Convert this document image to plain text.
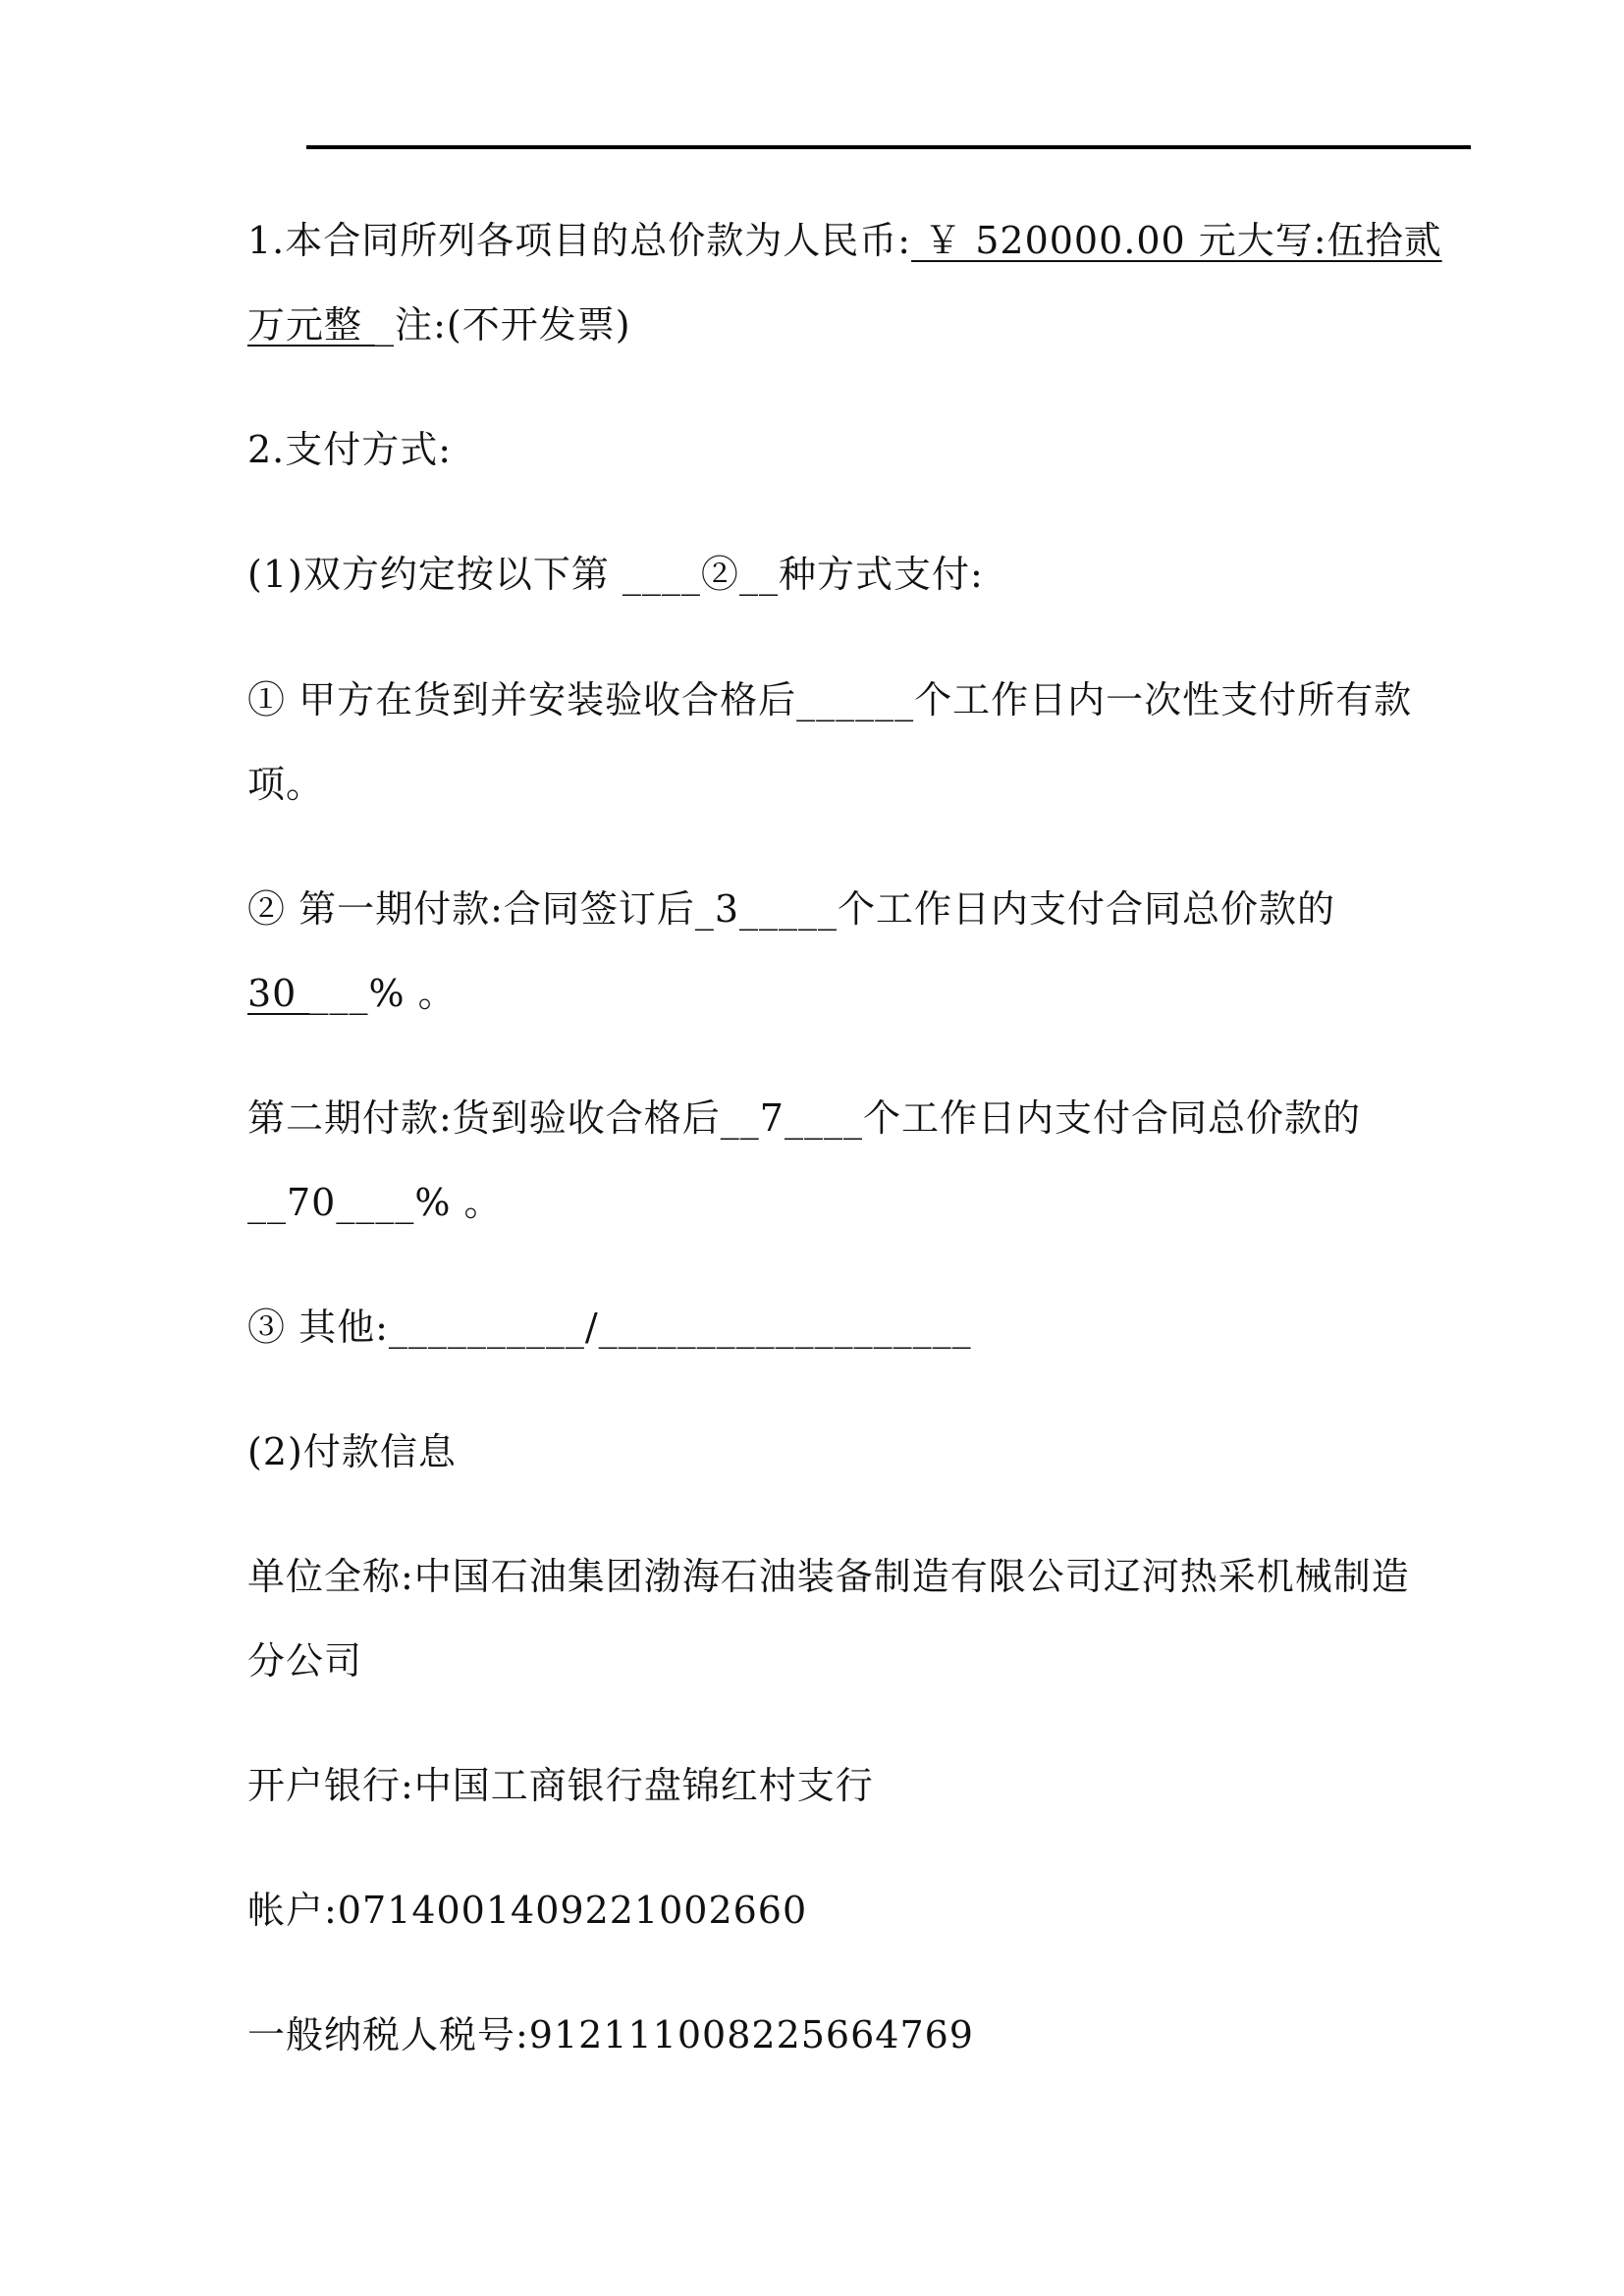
1.本合同所列各项目的总价款为人民币: ￥ 520000.00 元大写:伍拾贰
万元整 _注:(不开发票)
2.支付方式:
(1)双方约定按以下第 ____②__种方式支付:
① 甲方在货到并安装验收合格后______个工作日内一次性支付所有款
项。
② 第一期付款:合同签订后_3_____个工作日内支付合同总价款的
30 ___% 。
第二期付款:货到验收合格后__7____个工作日内支付合同总价款的
__70____% 。
③ 其他:__________/___________________
(2)付款信息
单位全称:中国石油集团渤海石油装备制造有限公司辽河热采机械制造
分公司
开户银行:中国工商银行盘锦红村支行
帐户:0714001409221002660
一般纳税人税号:912111008225664769
